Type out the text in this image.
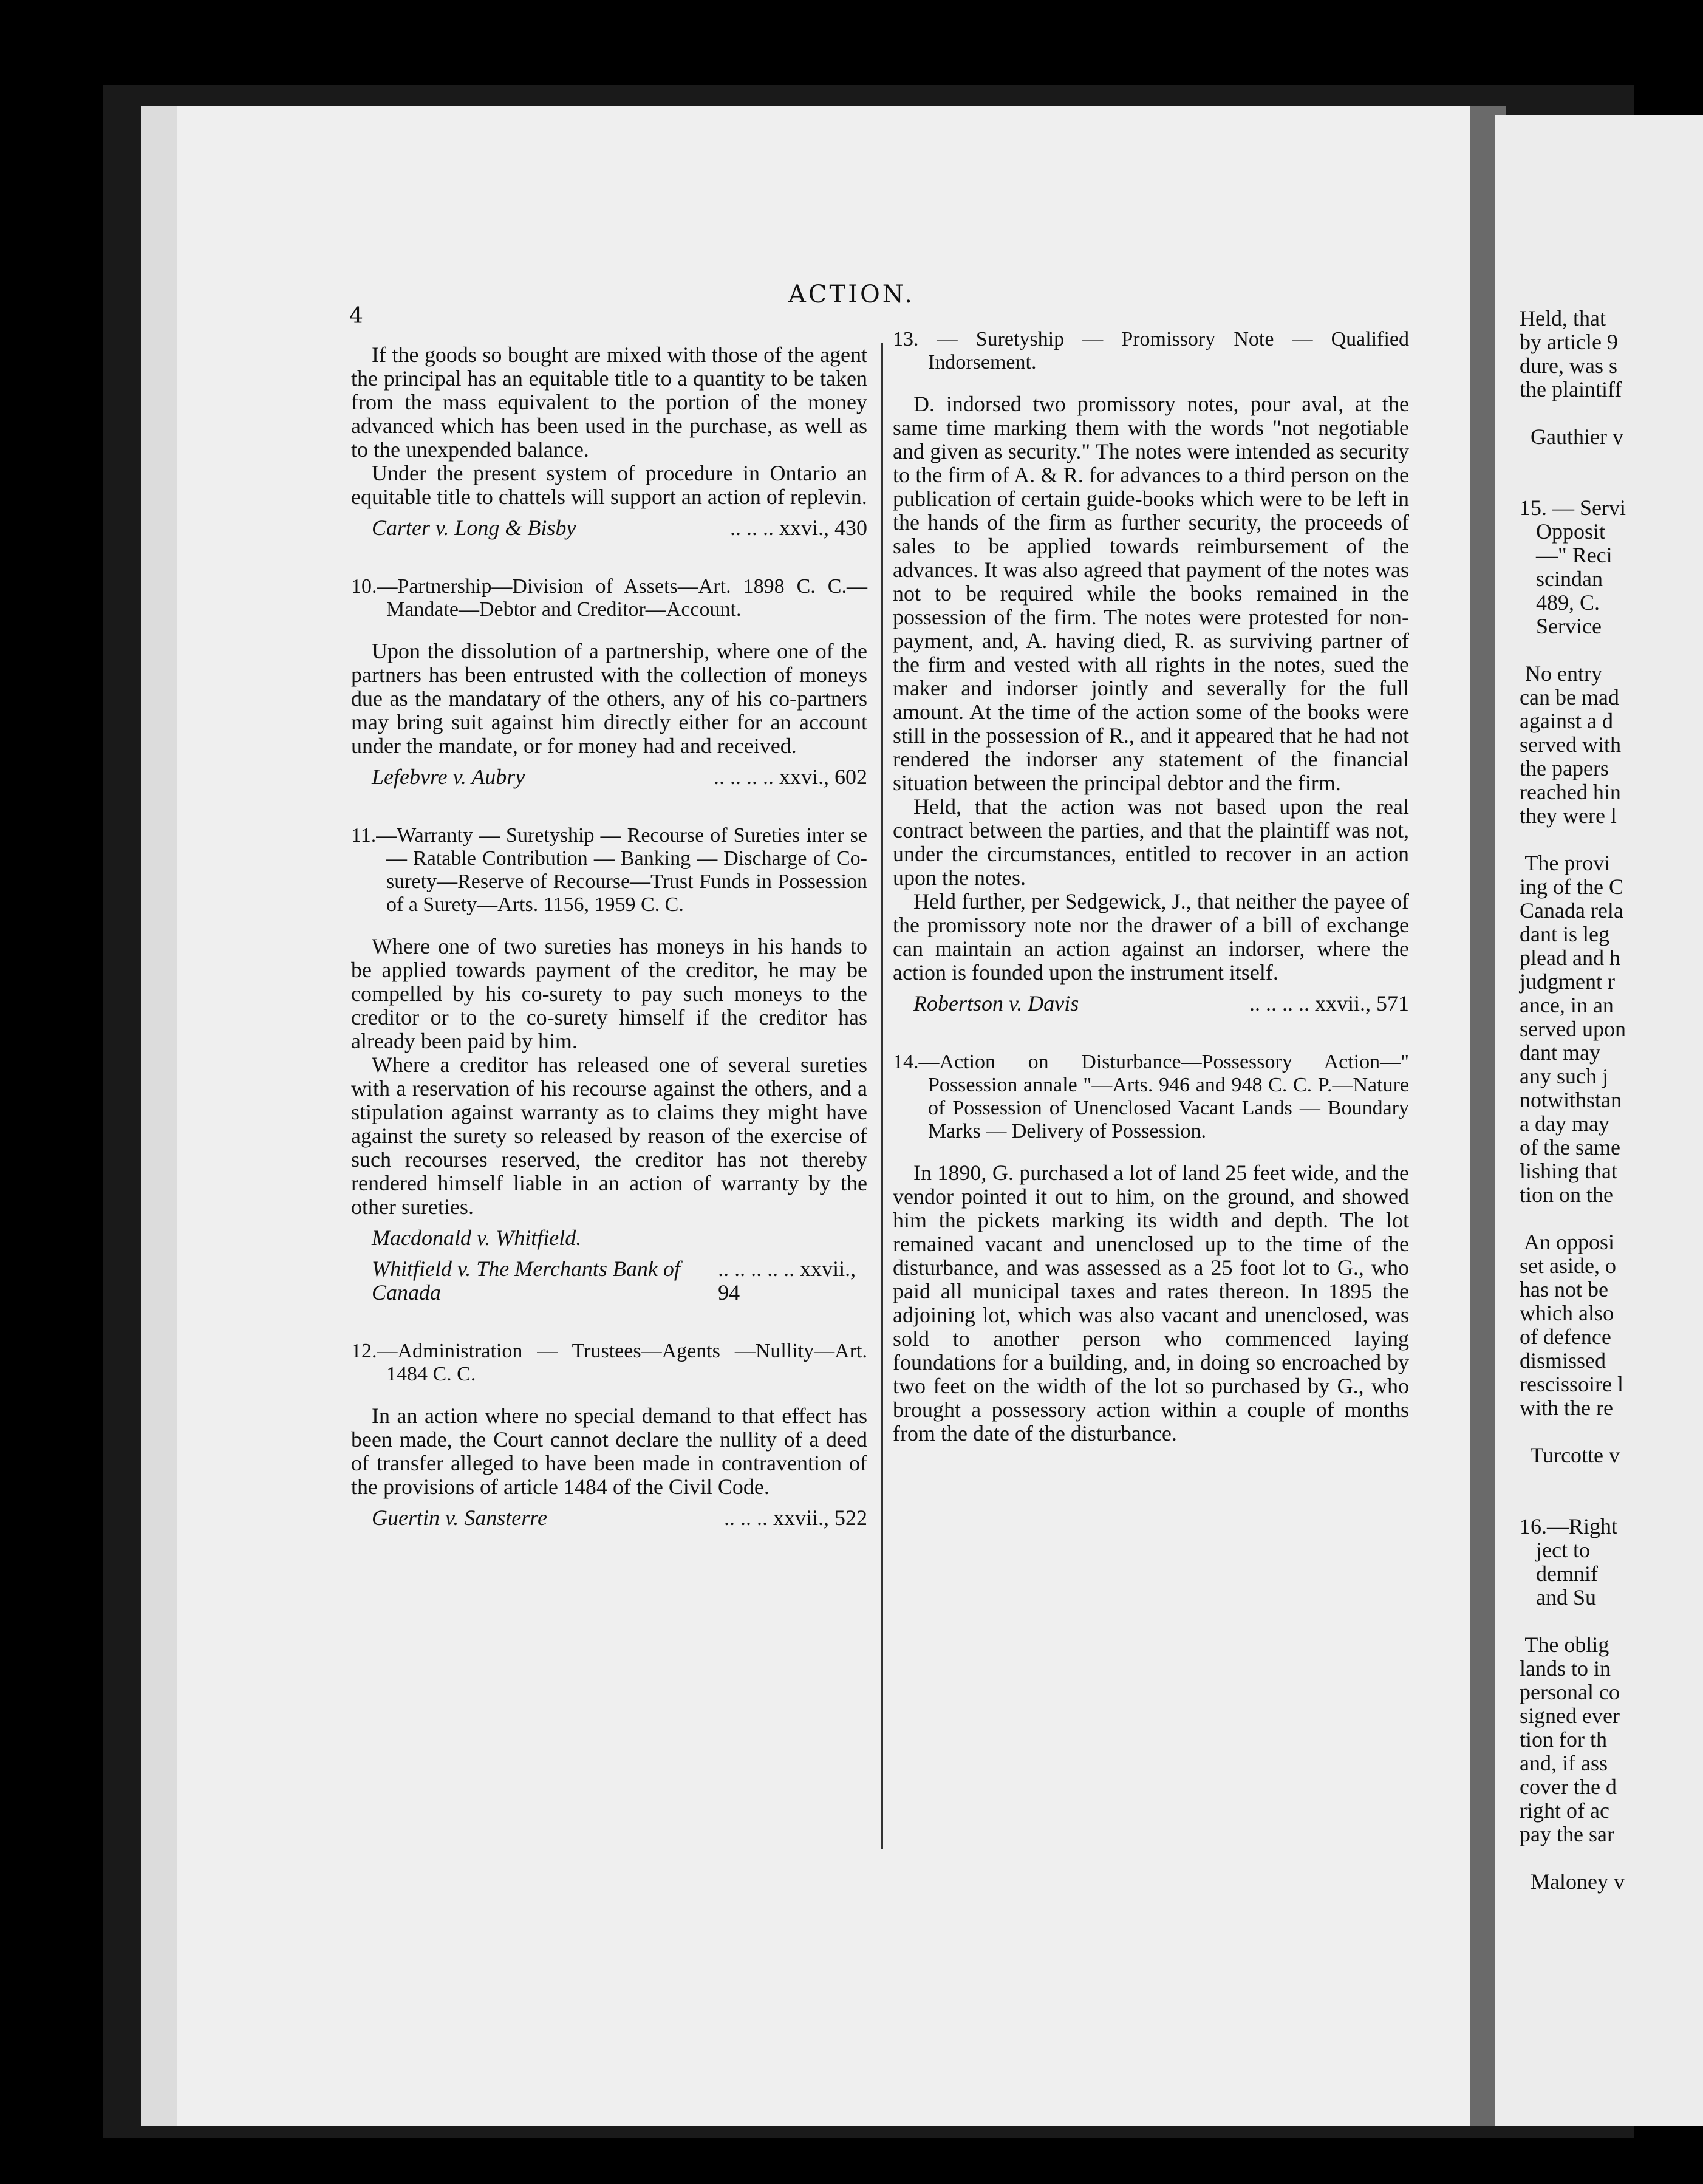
Held, that
by article 9
dure, was s
the plaintiff
Gauthier v
15. — Servi
Opposit
—" Reci
scindan
489, C.
Service
No entry
can be mad
against a d
served with
the papers
reached hin
they were l
The provi
ing of the C
Canada rela
dant is leg
plead and h
judgment r
ance, in an
served upon
dant may
any such j
notwithstan
a day may
of the same
lishing that
tion on the
An opposi
set aside, o
has not be
which also
of defence
dismissed
rescissoire l
with the re
Turcotte v
16.—Right
ject to
demnif
and Su
The oblig
lands to in
personal co
signed ever
tion for th
and, if ass
cover the d
right of ac
pay the sar
Maloney v
ACTION.
4

If the goods so bought are mixed with those of the agent the principal has an equitable title to a quantity to be taken from the mass equivalent to the portion of the money advanced which has been used in the purchase, as well as to the unexpended balance.

Under the present system of procedure in Ontario an equitable title to chattels will support an action of replevin.

Carter v. Long & Bisby	.. .. .. xxvi., 430

10.—Partnership—Division of Assets—Art. 1898 C. C.—Mandate—Debtor and Creditor—Account.

Upon the dissolution of a partnership, where one of the partners has been entrusted with the collection of moneys due as the mandatary of the others, any of his co-partners may bring suit against him directly either for an account under the mandate, or for money had and received.

Lefebvre v. Aubry	.. .. .. .. xxvi., 602

11.—Warranty — Suretyship — Recourse of Sureties inter se — Ratable Contribution — Banking — Discharge of Co-surety—Reserve of Recourse—Trust Funds in Possession of a Surety—Arts. 1156, 1959 C. C.

Where one of two sureties has moneys in his hands to be applied towards payment of the creditor, he may be compelled by his co-surety to pay such moneys to the creditor or to the co-surety himself if the creditor has already been paid by him.

Where a creditor has released one of several sureties with a reservation of his recourse against the others, and a stipulation against warranty as to claims they might have against the surety so released by reason of the exercise of such recourses reserved, the creditor has not thereby rendered himself liable in an action of warranty by the other sureties.

Macdonald v. Whitfield.
Whitfield v. The Merchants Bank of Canada
.. .. .. .. .. xxvii., 94

12.—Administration — Trustees—Agents —Nullity—Art. 1484 C. C.

In an action where no special demand to that effect has been made, the Court cannot declare the nullity of a deed of transfer alleged to have been made in contravention of the provisions of article 1484 of the Civil Code.

Guertin v. Sansterre	.. .. .. xxvii., 522

13. — Suretyship — Promissory Note — Qualified Indorsement.

D. indorsed two promissory notes, pour aval, at the same time marking them with the words "not negotiable and given as security." The notes were intended as security to the firm of A. & R. for advances to a third person on the publication of certain guide-books which were to be left in the hands of the firm as further security, the proceeds of sales to be applied towards reimbursement of the advances. It was also agreed that payment of the notes was not to be required while the books remained in the possession of the firm. The notes were protested for non-payment, and, A. having died, R. as surviving partner of the firm and vested with all rights in the notes, sued the maker and indorser jointly and severally for the full amount. At the time of the action some of the books were still in the possession of R., and it appeared that he had not rendered the indorser any statement of the financial situation between the principal debtor and the firm.

Held, that the action was not based upon the real contract between the parties, and that the plaintiff was not, under the circumstances, entitled to recover in an action upon the notes.

Held further, per Sedgewick, J., that neither the payee of the promissory note nor the drawer of a bill of exchange can maintain an action against an indorser, where the action is founded upon the instrument itself.

Robertson v. Davis	.. .. .. .. xxvii., 571

14.—Action on Disturbance—Possessory Action—" Possession annale "—Arts. 946 and 948 C. C. P.—Nature of Possession of Unenclosed Vacant Lands — Boundary Marks — Delivery of Possession.

In 1890, G. purchased a lot of land 25 feet wide, and the vendor pointed it out to him, on the ground, and showed him the pickets marking its width and depth. The lot remained vacant and unenclosed up to the time of the disturbance, and was assessed as a 25 foot lot to G., who paid all municipal taxes and rates thereon. In 1895 the adjoining lot, which was also vacant and unenclosed, was sold to another person who commenced laying foundations for a building, and, in doing so encroached by two feet on the width of the lot so purchased by G., who brought a possessory action within a couple of months from the date of the disturbance.
